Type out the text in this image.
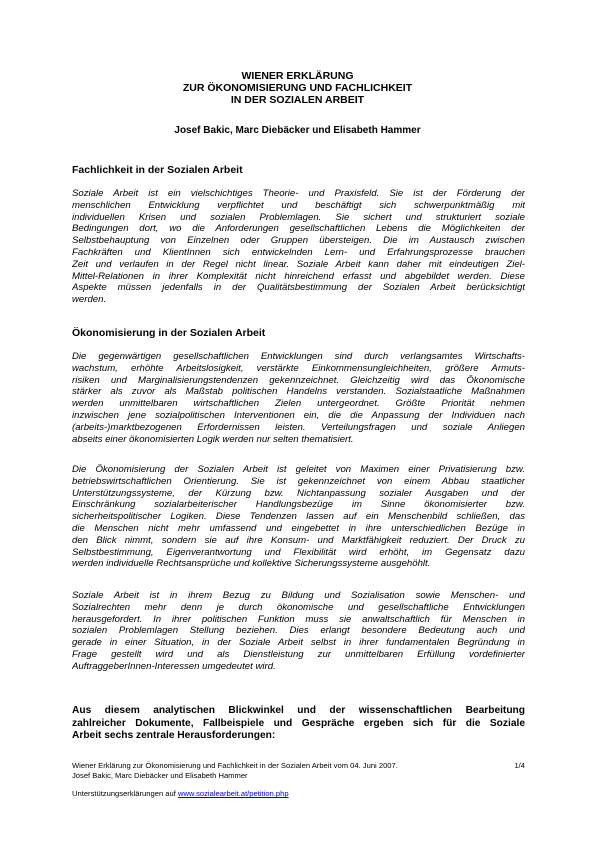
WIENER ERKLÄRUNG
ZUR ÖKONOMISIERUNG UND FACHLICHKEIT
IN DER SOZIALEN ARBEIT
Josef Bakic, Marc Diebäcker und Elisabeth Hammer
Fachlichkeit in der Sozialen Arbeit
Soziale Arbeit ist ein vielschichtiges Theorie- und Praxisfeld. Sie ist der Förderung der
menschlichen Entwicklung verpflichtet und beschäftigt sich schwerpunktmäßig mit
individuellen Krisen und sozialen Problemlagen. Sie sichert und strukturiert soziale
Bedingungen dort, wo die Anforderungen gesellschaftlichen Lebens die Möglichkeiten der
Selbstbehauptung von Einzelnen oder Gruppen übersteigen. Die im Austausch zwischen
Fachkräften und KlientInnen sich entwickelnden Lern- und Erfahrungsprozesse brauchen
Zeit und verlaufen in der Regel nicht linear. Soziale Arbeit kann daher mit eindeutigen Ziel-
Mittel-Relationen in ihrer Komplexität nicht hinreichend erfasst und abgebildet werden. Diese
Aspekte müssen jedenfalls in der Qualitätsbestimmung der Sozialen Arbeit berücksichtigt
werden.
Ökonomisierung in der Sozialen Arbeit
Die gegenwärtigen gesellschaftlichen Entwicklungen sind durch verlangsamtes Wirtschafts-
wachstum, erhöhte Arbeitslosigkeit, verstärkte Einkommensungleichheiten, größere Armuts-
risiken und Marginalisierungstendenzen gekennzeichnet. Gleichzeitig wird das Ökonomische
stärker als zuvor als Maßstab politischen Handelns verstanden. Sozialstaatliche Maßnahmen
werden unmittelbaren wirtschaftlichen Zielen untergeordnet. Größte Priorität nehmen
inzwischen jene sozialpolitischen Interventionen ein, die die Anpassung der Individuen nach
(arbeits-)marktbezogenen Erfordernissen leisten. Verteilungsfragen und soziale Anliegen
abseits einer ökonomisierten Logik werden nur selten thematisiert.
Die Ökonomisierung der Sozialen Arbeit ist geleitet von Maximen einer Privatisierung bzw.
betriebswirtschaftlichen Orientierung. Sie ist gekennzeichnet von einem Abbau staatlicher
Unterstützungssysteme, der Kürzung bzw. Nichtanpassung sozialer Ausgaben und der
Einschränkung sozialarbeiterischer Handlungsbezüge im Sinne ökonomisierter bzw.
sicherheitspolitischer Logiken. Diese Tendenzen lassen auf ein Menschenbild schließen, das
die Menschen nicht mehr umfassend und eingebettet in ihre unterschiedlichen Bezüge in
den Blick nimmt, sondern sie auf ihre Konsum- und Marktfähigkeit reduziert. Der Druck zu
Selbstbestimmung, Eigenverantwortung und Flexibilität wird erhöht, im Gegensatz dazu
werden individuelle Rechtsansprüche und kollektive Sicherungssysteme ausgehöhlt.
Soziale Arbeit ist in ihrem Bezug zu Bildung und Sozialisation sowie Menschen- und
Sozialrechten mehr denn je durch ökonomische und gesellschaftliche Entwicklungen
herausgefordert. In ihrer politischen Funktion muss sie anwaltschaftlich für Menschen in
sozialen Problemlagen Stellung beziehen. Dies erlangt besondere Bedeutung auch und
gerade in einer Situation, in der Soziale Arbeit selbst in ihrer fundamentalen Begründung in
Frage gestellt wird und als Dienstleistung zur unmittelbaren Erfüllung vordefinierter
AuftraggeberInnen-Interessen umgedeutet wird.
Aus diesem analytischen Blickwinkel und der wissenschaftlichen Bearbeitung
zahlreicher Dokumente, Fallbeispiele und Gespräche ergeben sich für die Soziale
Arbeit sechs zentrale Herausforderungen:
Wiener Erklärung zur Ökonomisierung und Fachlichkeit in der Sozialen Arbeit vom 04. Juni 2007.	1/4
Josef Bakic, Marc Diebäcker und Elisabeth Hammer
Unterstützungserklärungen auf www.sozialearbeit.at/petition.php
